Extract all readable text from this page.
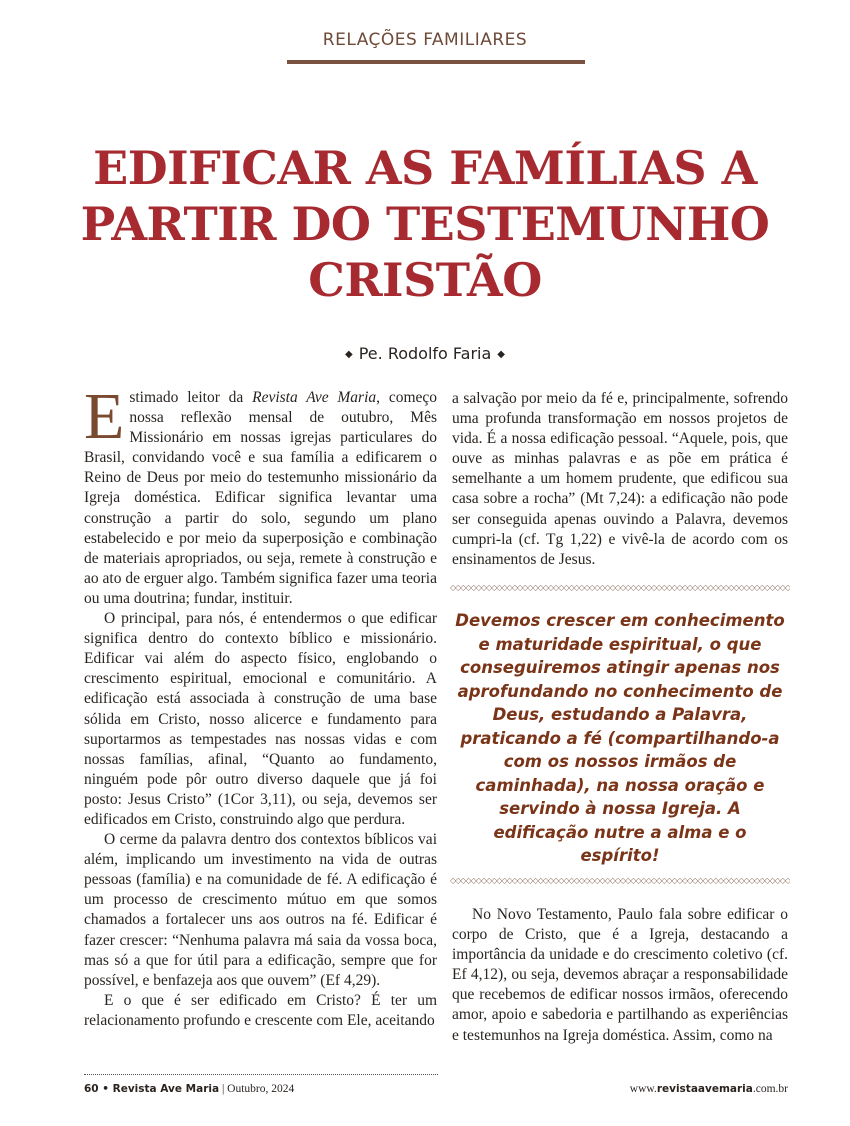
RELAÇÕES FAMILIARES
EDIFICAR AS FAMÍLIAS A
PARTIR DO TESTEMUNHO
CRISTÃO
◆ Pe. Rodolfo Faria ◆

Estimado leitor da Revista Ave Maria, começo nossa reflexão mensal de outubro, Mês Missionário em nossas igrejas particulares do Brasil, convidando você e sua família a edificarem o Reino de Deus por meio do testemunho missionário da Igreja doméstica. Edificar significa levantar uma construção a partir do solo, segundo um plano estabelecido e por meio da superposição e combinação de materiais apropriados, ou seja, remete à construção e ao ato de erguer algo. Também significa fazer uma teoria ou uma doutrina; fundar, instituir.

O principal, para nós, é entendermos o que edificar significa dentro do contexto bíblico e missionário. Edificar vai além do aspecto físico, englobando o crescimento espiritual, emocional e comunitário. A edificação está associada à construção de uma base sólida em Cristo, nosso alicerce e fundamento para suportarmos as tempestades nas nossas vidas e com nossas famílias, afinal, “Quanto ao fundamento, ninguém pode pôr outro diverso daquele que já foi posto: Jesus Cristo” (1Cor 3,11), ou seja, devemos ser edificados em Cristo, construindo algo que perdura.

O cerme da palavra dentro dos contextos bíblicos vai além, implicando um investimento na vida de outras pessoas (família) e na comunidade de fé. A edificação é um processo de crescimento mútuo em que somos chamados a fortalecer uns aos outros na fé. Edificar é fazer crescer: “Nenhuma palavra má saia da vossa boca, mas só a que for útil para a edificação, sempre que for possível, e benfazeja aos que ouvem” (Ef 4,29).

E o que é ser edificado em Cristo? É ter um relacionamento profundo e crescente com Ele, aceitando

a salvação por meio da fé e, principalmente, sofrendo uma profunda transformação em nossos projetos de vida. É a nossa edificação pessoal. “Aquele, pois, que ouve as minhas palavras e as põe em prática é semelhante a um homem prudente, que edificou sua casa sobre a rocha” (Mt 7,24): a edificação não pode ser conseguida apenas ouvindo a Palavra, devemos cumpri-la (cf. Tg 1,22) e vivê-la de acordo com os ensinamentos de Jesus.

◇◇◇◇◇◇◇◇◇◇◇◇◇◇◇◇◇◇◇◇◇◇◇◇◇◇◇◇◇◇◇◇◇◇◇◇◇◇◇◇◇◇◇◇◇◇◇◇◇◇◇◇◇◇◇◇◇◇◇◇◇◇◇◇◇◇

Devemos crescer em conhecimento e maturidade espiritual, o que conseguiremos atingir apenas nos aprofundando no conhecimento de Deus, estudando a Palavra, praticando a fé (compartilhando-a com os nossos irmãos de caminhada), na nossa oração e servindo à nossa Igreja. A edificação nutre a alma e o espírito!

◇◇◇◇◇◇◇◇◇◇◇◇◇◇◇◇◇◇◇◇◇◇◇◇◇◇◇◇◇◇◇◇◇◇◇◇◇◇◇◇◇◇◇◇◇◇◇◇◇◇◇◇◇◇◇◇◇◇◇◇◇◇◇◇◇◇

No Novo Testamento, Paulo fala sobre edificar o corpo de Cristo, que é a Igreja, destacando a importância da unidade e do crescimento coletivo (cf. Ef 4,12), ou seja, devemos abraçar a responsabilidade que recebemos de edificar nossos irmãos, oferecendo amor, apoio e sabedoria e partilhando as experiências e testemunhos na Igreja doméstica. Assim, como na

60 • Revista Ave Maria | Outubro, 2024	www.revistaavemaria.com.br
